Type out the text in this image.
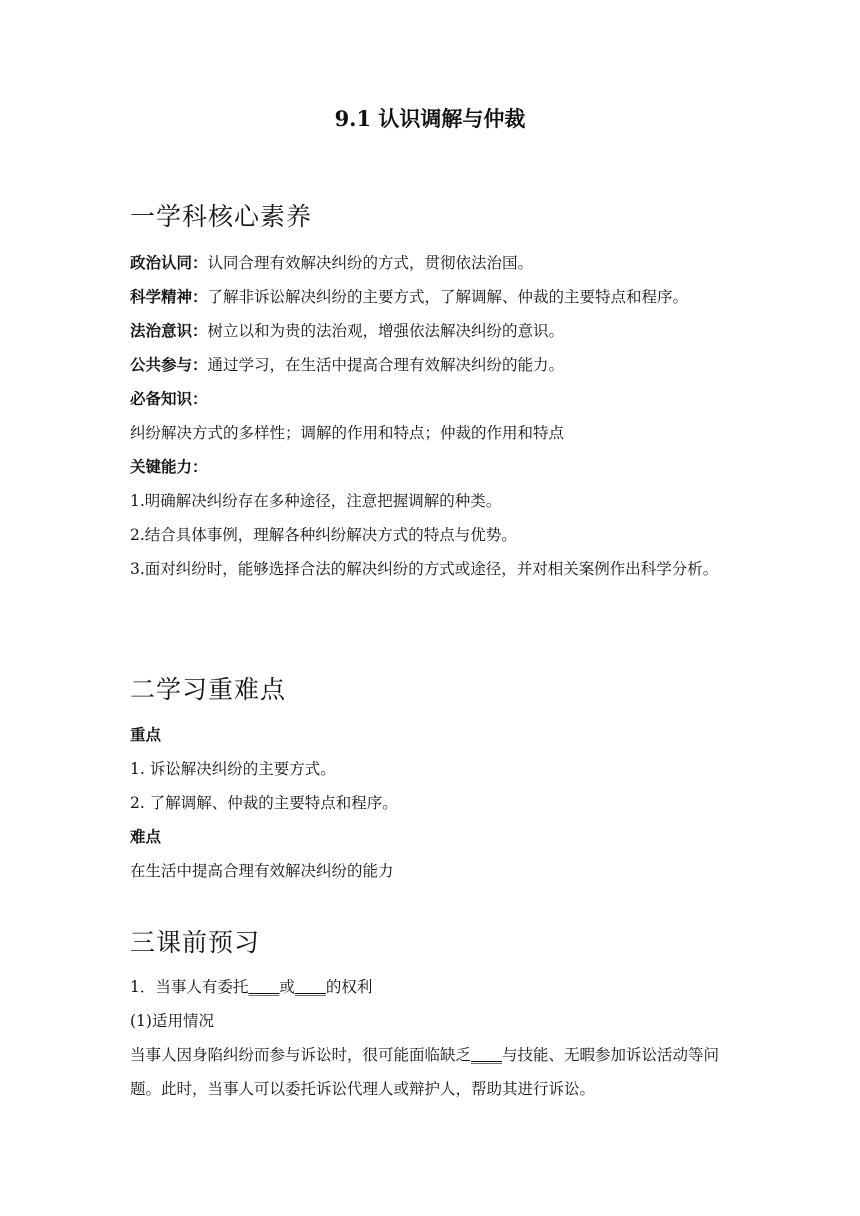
9.1 认识调解与仲裁
一学科核心素养
政治认同：认同合理有效解决纠纷的方式，贯彻依法治国。
科学精神：了解非诉讼解决纠纷的主要方式，了解调解、仲裁的主要特点和程序。
法治意识：树立以和为贵的法治观，增强依法解决纠纷的意识。
公共参与：通过学习，在生活中提高合理有效解决纠纷的能力。
必备知识：
纠纷解决方式的多样性；调解的作用和特点；仲裁的作用和特点
关键能力：
1.明确解决纠纷存在多种途径，注意把握调解的种类。
2.结合具体事例，理解各种纠纷解决方式的特点与优势。
3.面对纠纷时，能够选择合法的解决纠纷的方式或途径，并对相关案例作出科学分析。
二学习重难点
重点
1. 诉讼解决纠纷的主要方式。
2. 了解调解、仲裁的主要特点和程序。
难点
在生活中提高合理有效解决纠纷的能力
三课前预习
1．当事人有委托____或____的权利
(1)适用情况
当事人因身陷纠纷而参与诉讼时，很可能面临缺乏____与技能、无暇参加诉讼活动等问题。此时，当事人可以委托诉讼代理人或辩护人，帮助其进行诉讼。
